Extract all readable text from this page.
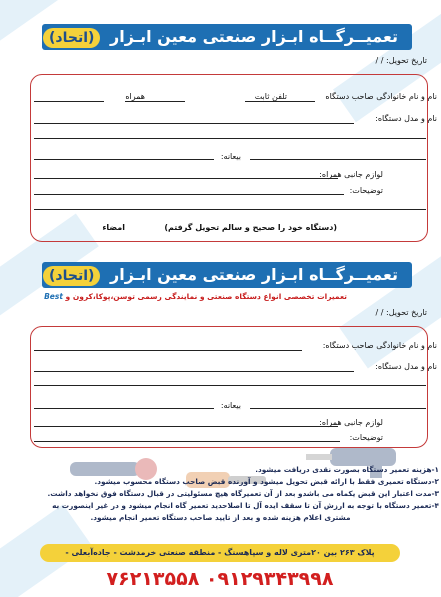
تعمیــرگــاه ابـزار صنعتی معین ابـزار (اتحاد)
تاریخ تحویل: / /
نام و نام خانوادگی صاحب دستگاه
تلفن ثابت
همراه
نام و مدل دستگاه:
بیعانه:
لوازم جانبی همراه:
توضیحات:
(دستگاه خود را صحیح و سالم تحویل گرفتم)
امضاء
تعمیــرگــاه ابـزار صنعتی معین ابـزار (اتحاد)
تعمیرات تخصصی انواع دستگاه صنعتی و نمایندگی رسمی توسن،پوکا،کرون و Best
تاریخ تحویل: / /
نام و نام خانوادگی صاحب دستگاه:
نام و مدل دستگاه:
بیعانه:
لوازم جانبی همراه:
توضیحات:
۱-هزینه تعمیر دستگاه بصورت نقدی دریافت میشود.
۲-دستگاه تعمیری فقط با ارائه قبض تحویل میشود و آورنده قبض صاحب دستگاه محسوب میشود.
۳-مدت اعتبار این قبض یکماه می باشدو بعد از آن تعمیرگاه هیچ مسئولیتی در قبال دستگاه فوق نخواهد داشت.
۴-تعمیر دستگاه با توجه به ارزش آن تا سقف ایده آل تا اصلاحدید تعمیر گاه انجام میشود و در غیر اینصورت به
مشتری اعلام هزینه شده و بعد از تایید صاحب دستگاه تعمیر انجام میشود.
پلاک ۲۶۳ بین ۲۰متری لاله و سپاهسنگ - منطقه صنعتی خرمدشت - جاده‌آبعلی -
۷۶۲۱۳۵۵۸ ۰۹۱۲۹۳۴۳۹۹۸
